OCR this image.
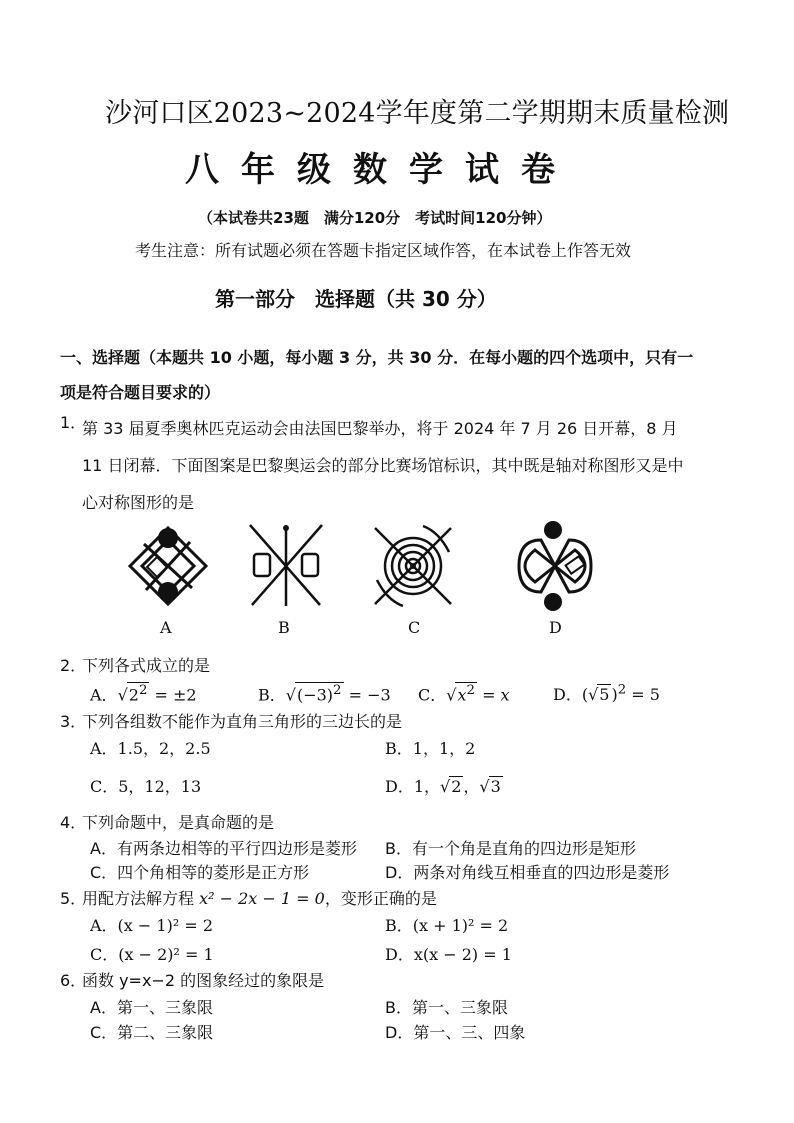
沙河口区2023~2024学年度第二学期期末质量检测
八年级数学试卷
（本试卷共23题　满分120分　考试时间120分钟）
考生注意：所有试题必须在答题卡指定区域作答，在本试卷上作答无效
第一部分　选择题（共 30 分）
一、选择题（本题共 10 小题，每小题 3 分，共 30 分．在每小题的四个选项中，只有一项是符合题目要求的）
1．
第 33 届夏季奥林匹克运动会由法国巴黎举办，将于 2024 年 7 月 26 日开幕，8 月 11 日闭幕．下面图案是巴黎奥运会的部分比赛场馆标识，其中既是轴对称图形又是中心对称图形的是
A	B	C	D
2．
下列各式成立的是
A．$√2^2 = \pm 2$	B．$√(-3)^2 = -3$ C．$√x^2 = x$	D．(√5 )$^2$ = 5
3．
下列各组数不能作为直角三角形的三边长的是
A．1.5，2，2.5	B．1，1，2
C．5，12，13	D．1，√2 ，√3
4．
下列命题中，是真命题的是
A．有两条边相等的平行四边形是菱形 B．有一个角是直角的四边形是矩形
C．四个角相等的菱形是正方形	D．两条对角线互相垂直的四边形是菱形
5．
用配方法解方程 x² − 2x − 1 = 0，变形正确的是
A．(x − 1)² = 2	B．(x + 1)² = 2
C．(x − 2)² = 1	D．x(x − 2) = 1
6．
函数 y=x−2 的图象经过的象限是
A．第一、三象限	B．第一、三象限
C．第二、三象限	D．第一、三、四象
